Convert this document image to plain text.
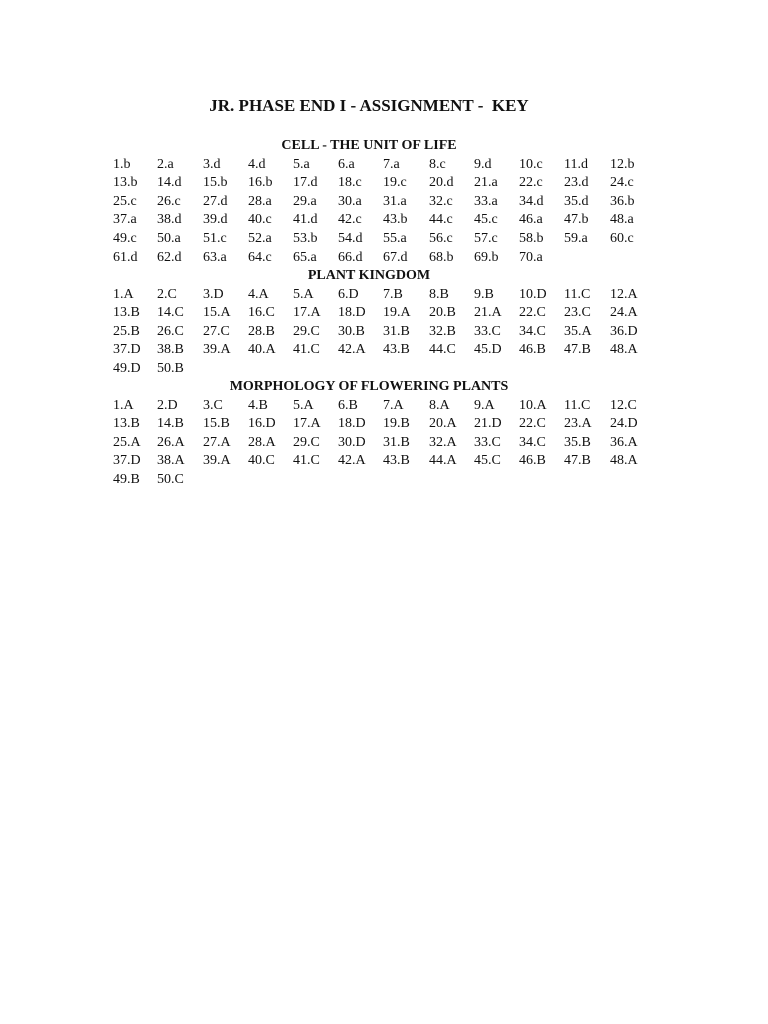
JR. PHASE END I - ASSIGNMENT -  KEY
CELL - THE UNIT OF LIFE
1.b 2.a 3.d 4.d 5.a 6.a 7.a 8.c 9.d 10.c 11.d 12.b
13.b 14.d 15.b 16.b 17.d 18.c 19.c 20.d 21.a 22.c 23.d 24.c
25.c 26.c 27.d 28.a 29.a 30.a 31.a 32.c 33.a 34.d 35.d 36.b
37.a 38.d 39.d 40.c 41.d 42.c 43.b 44.c 45.c 46.a 47.b 48.a
49.c 50.a 51.c 52.a 53.b 54.d 55.a 56.c 57.c 58.b 59.a 60.c
61.d 62.d 63.a 64.c 65.a 66.d 67.d 68.b 69.b 70.a
PLANT KINGDOM
1.A 2.C 3.D 4.A 5.A 6.D 7.B 8.B 9.B 10.D 11.C 12.A
13.B 14.C 15.A 16.C 17.A 18.D 19.A 20.B 21.A 22.C 23.C 24.A
25.B 26.C 27.C 28.B 29.C 30.B 31.B 32.B 33.C 34.C 35.A 36.D
37.D 38.B 39.A 40.A 41.C 42.A 43.B 44.C 45.D 46.B 47.B 48.A
49.D 50.B
MORPHOLOGY OF FLOWERING PLANTS
1.A 2.D 3.C 4.B 5.A 6.B 7.A 8.A 9.A 10.A 11.C 12.C
13.B 14.B 15.B 16.D 17.A 18.D 19.B 20.A 21.D 22.C 23.A 24.D
25.A 26.A 27.A 28.A 29.C 30.D 31.B 32.A 33.C 34.C 35.B 36.A
37.D 38.A 39.A 40.C 41.C 42.A 43.B 44.A 45.C 46.B 47.B 48.A
49.B 50.C
